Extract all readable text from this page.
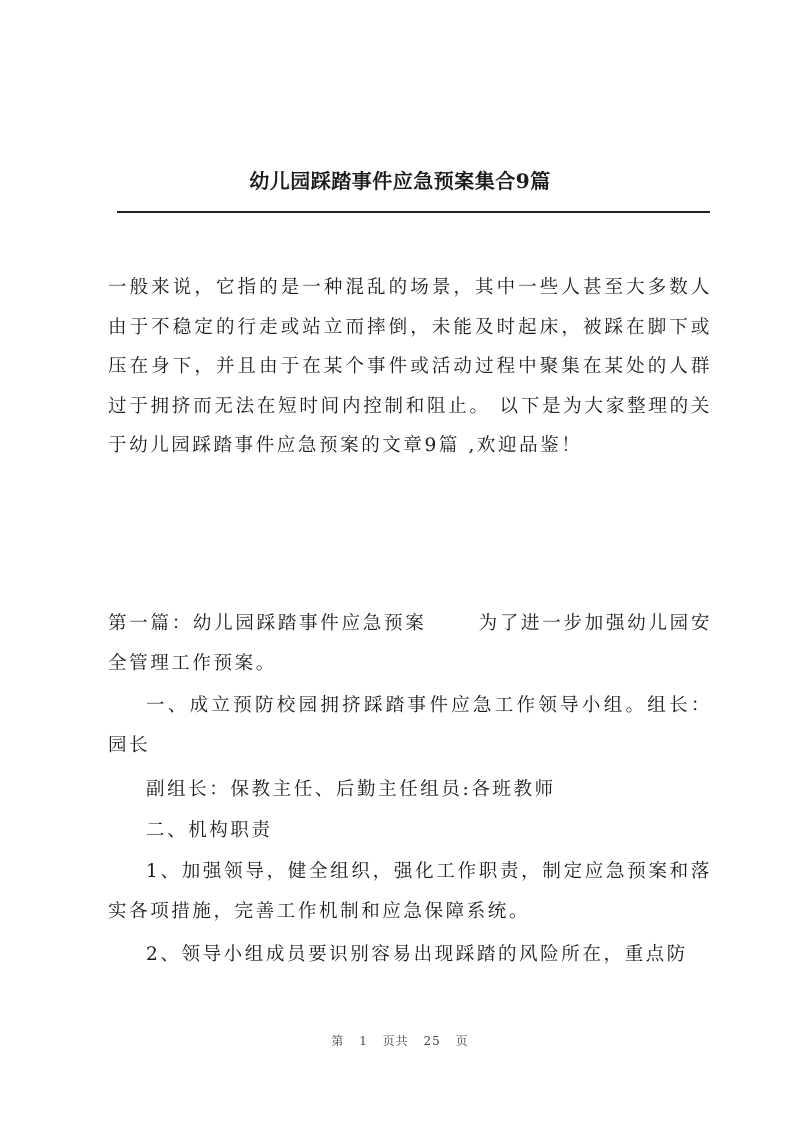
幼儿园踩踏事件应急预案集合9篇

一般来说，它指的是一种混乱的场景，其中一些人甚至大多数人由于不稳定的行走或站立而摔倒，未能及时起床，被踩在脚下或压在身下，并且由于在某个事件或活动过程中聚集在某处的人群过于拥挤而无法在短时间内控制和阻止。 以下是为大家整理的关于幼儿园踩踏事件应急预案的文章9篇 ,欢迎品鉴！

第一篇：幼儿园踩踏事件应急预案	为了进一步加强幼儿园安全管理工作预案。

一、成立预防校园拥挤踩踏事件应急工作领导小组。组长：园长

副组长：保教主任、后勤主任组员:各班教师

二、机构职责

1、加强领导，健全组织，强化工作职责，制定应急预案和落实各项措施，完善工作机制和应急保障系统。

2、领导小组成员要识别容易出现踩踏的风险所在，重点防

第 1 页共 25 页
